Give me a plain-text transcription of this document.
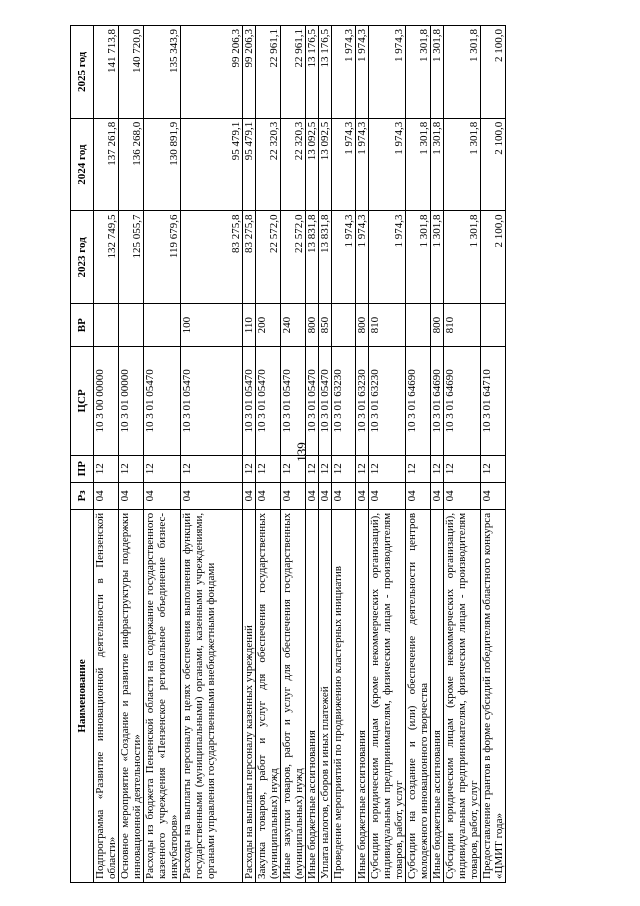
139
Наименование	Рз	ПР	ЦСР	ВР	2023 год	2024 год	2025 год
Подпрограмма «Развитие инновационной деятельности в Пензенской области»	04	12	10 3 00 00000		132 749,5	137 261,8	141 713,8
Основное мероприятие «Создание и развитие инфраструктуры поддержки инновационной деятельности»	04	12	10 3 01 00000		125 055,7	136 268,0	140 720,0
Расходы из бюджета Пензенской области на содержание государственного казенного учреждения «Пензенское региональное объединение бизнес-инкубаторов»	04	12	10 3 01 05470		119 679,6	130 891,9	135 343,9
Расходы на выплаты персоналу в целях обеспечения выполнения функций государственными (муниципальными) органами, казенными учреждениями, органами управления государственными внебюджетными фондами	04	12	10 3 01 05470	100	83 275,8	95 479,1	99 206,3
Расходы на выплаты персоналу казенных учреждений	04	12	10 3 01 05470	110	83 275,8	95 479,1	99 206,3
Закупка товаров, работ и услуг для обеспечения государственных (муниципальных) нужд	04	12	10 3 01 05470	200	22 572,0	22 320,3	22 961,1
Иные закупки товаров, работ и услуг для обеспечения государственных (муниципальных) нужд	04	12	10 3 01 05470	240	22 572,0	22 320,3	22 961,1
Иные бюджетные ассигнования	04	12	10 3 01 05470	800	13 831,8	13 092,5	13 176,5
Уплата налогов, сборов и иных платежей	04	12	10 3 01 05470	850	13 831,8	13 092,5	13 176,5
Проведение мероприятий по продвижению кластерных инициатив	04	12	10 3 01 63230		1 974,3	1 974,3	1 974,3
Иные бюджетные ассигнования	04	12	10 3 01 63230	800	1 974,3	1 974,3	1 974,3
Субсидии юридическим лицам (кроме некоммерческих организаций), индивидуальным предпринимателям, физическим лицам - производителям товаров, работ, услуг	04	12	10 3 01 63230	810	1 974,3	1 974,3	1 974,3
Субсидии на создание и (или) обеспечение деятельности центров молодежного инновационного творчества	04	12	10 3 01 64690		1 301,8	1 301,8	1 301,8
Иные бюджетные ассигнования	04	12	10 3 01 64690	800	1 301,8	1 301,8	1 301,8
Субсидии юридическим лицам (кроме некоммерческих организаций), индивидуальным предпринимателям, физическим лицам - производителям товаров, работ, услуг	04	12	10 3 01 64690	810	1 301,8	1 301,8	1 301,8
Предоставление грантов в форме субсидий победителям областного конкурса «ЦМИТ года»	04	12	10 3 01 64710		2 100,0	2 100,0	2 100,0
